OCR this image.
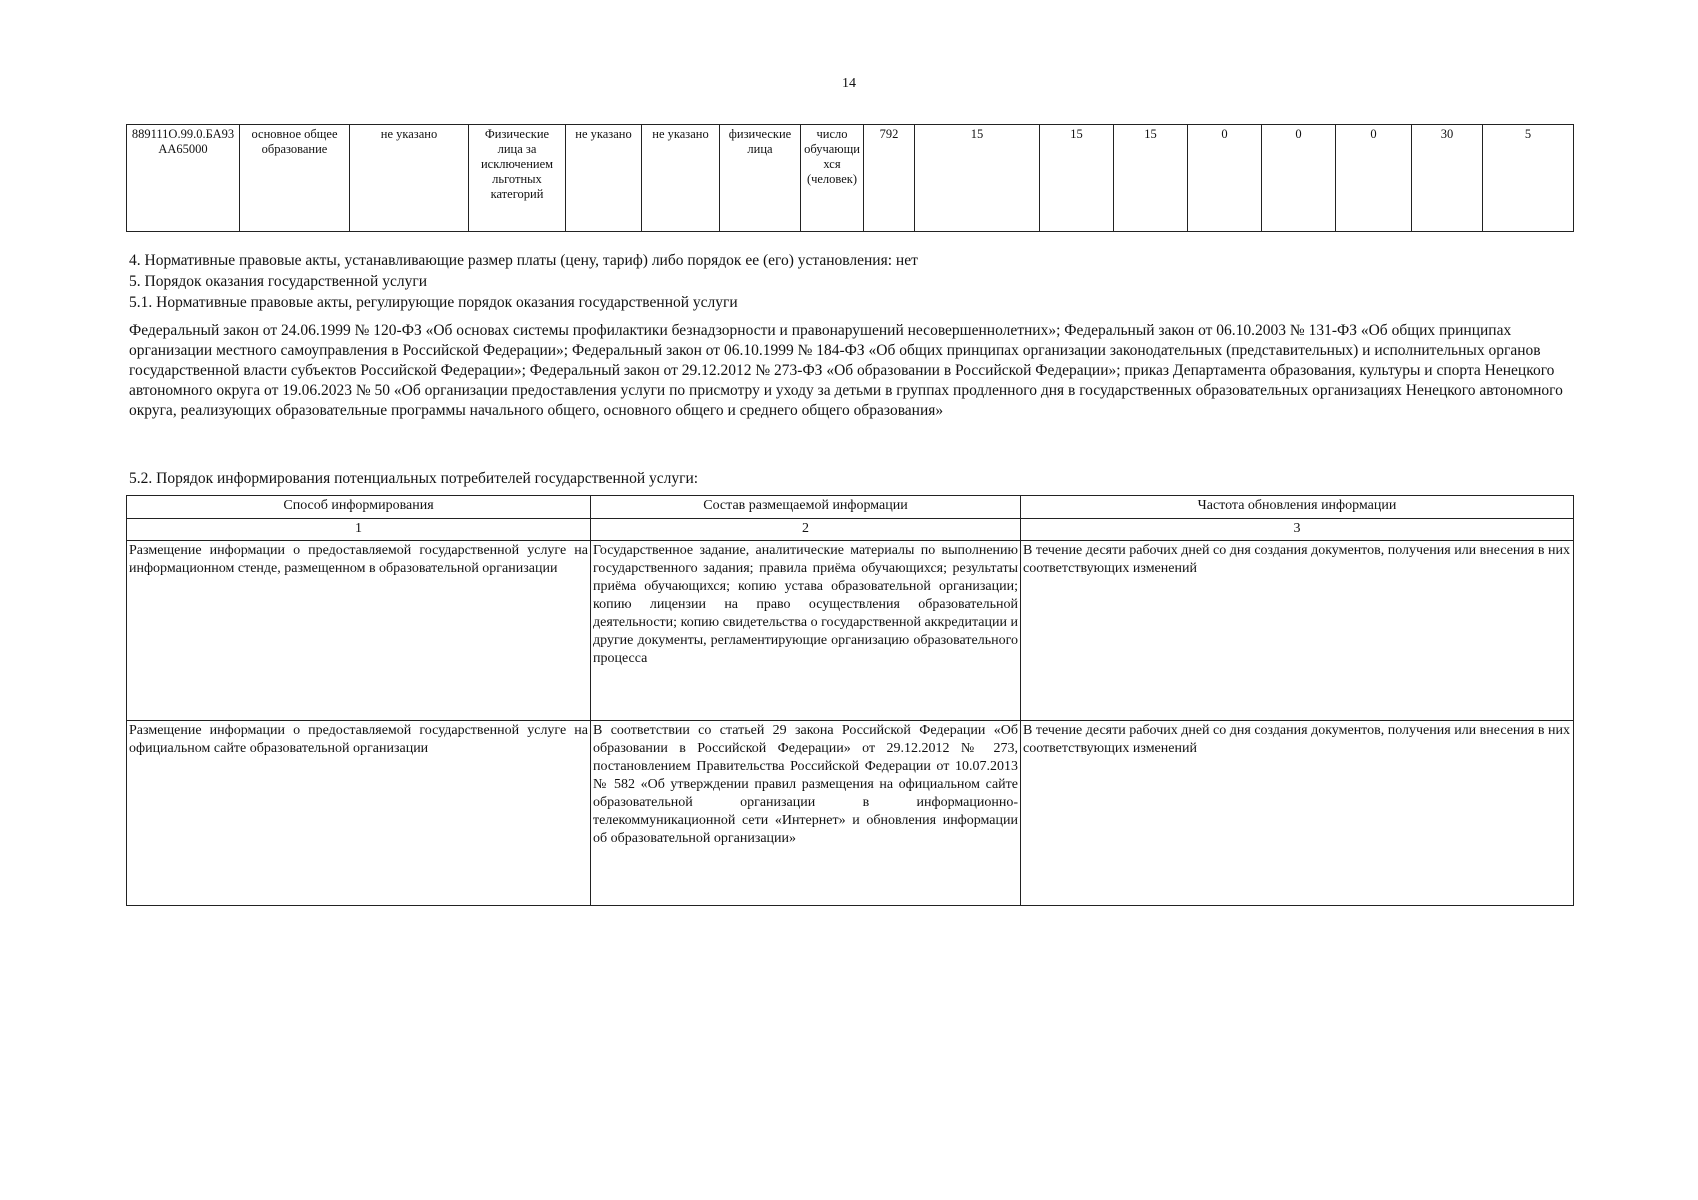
14
889111О.99.0.БА93АА65000	основное общее образование	не указано	Физические лица за исключением льготных категорий	не указано	не указано	физические лица	число обучающихся (человек)	792	15	15	15	0	0	0	30	5

4. Нормативные правовые акты, устанавливающие размер платы (цену, тариф) либо порядок ее (его) установления: нет

5. Порядок оказания государственной услуги

5.1. Нормативные правовые акты, регулирующие порядок оказания государственной услуги

Федеральный закон от 24.06.1999 № 120-ФЗ «Об основах системы профилактики безнадзорности и правонарушений несовершеннолетних»; Федеральный закон от 06.10.2003 № 131-ФЗ «Об общих принципах организации местного самоуправления в Российской Федерации»; Федеральный закон от 06.10.1999 № 184-ФЗ «Об общих принципах организации законодательных (представительных) и исполнительных органов государственной власти субъектов Российской Федерации»; Федеральный закон от 29.12.2012 № 273-ФЗ «Об образовании в Российской Федерации»; приказ Департамента образования, культуры и спорта Ненецкого автономного округа от 19.06.2023 № 50 «Об организации предоставления услуги по присмотру и уходу за детьми в группах продленного дня в государственных образовательных организациях Ненецкого автономного округа, реализующих образовательные программы начального общего, основного общего и среднего общего образования»

5.2. Порядок информирования потенциальных потребителей государственной услуги:
Способ информирования	Состав размещаемой информации	Частота обновления информации
1	2	3
Размещение информации о предоставляемой государственной услуге на информационном стенде, размещенном в образовательной организации	Государственное задание, аналитические материалы по выполнению государственного задания; правила приёма обучающихся; результаты приёма обучающихся; копию устава образовательной организации; копию лицензии на право осуществления образовательной деятельности; копию свидетельства о государственной аккредитации и другие документы, регламентирующие организацию образовательного процесса	В течение десяти рабочих дней со дня создания документов, получения или внесения в них соответствующих изменений
Размещение информации о предоставляемой государственной услуге на официальном сайте образовательной организации	В соответствии со статьей 29 закона Российской Федерации «Об образовании в Российской Федерации» от 29.12.2012 № 273, постановлением Правительства Российской Федерации от 10.07.2013 № 582 «Об утверждении правил размещения на официальном сайте образовательной организации в информационно-телекоммуникационной сети «Интернет» и обновления информации об образовательной организации»	В течение десяти рабочих дней со дня создания документов, получения или внесения в них соответствующих изменений
